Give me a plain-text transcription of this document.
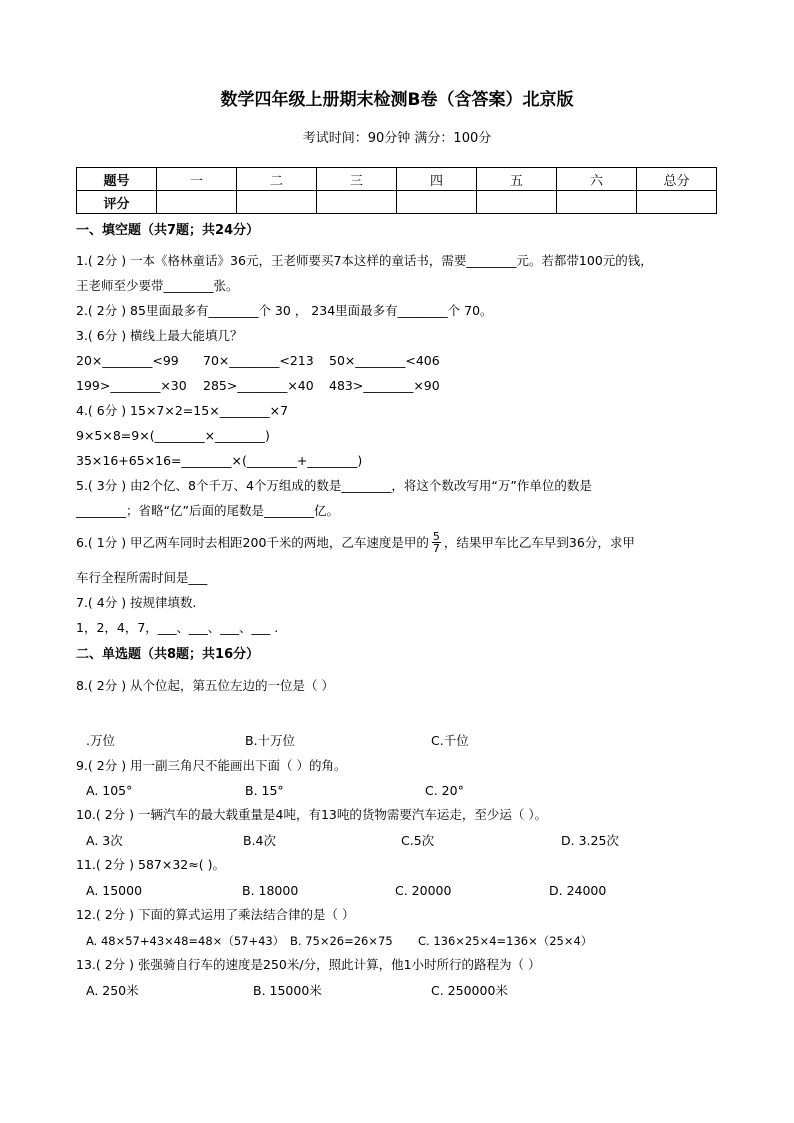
数学四年级上册期末检测B卷（含答案）北京版
考试时间：90分钟 满分：100分
题号	一	二	三	四	五	六	总分
评分							
一、填空题（共7题；共24分）
1.( 2分 ) 一本《格林童话》36元，王老师要买7本这样的童话书，需要________元。若都带100元的钱，
王老师至少要带________张。
2.( 2分 ) 85里面最多有________个 30 ， 234里面最多有________个 70。
3.( 6分 ) 横线上最大能填几？
20×________<99 70×________<213 50×________<406
199>________×30 285>________×40 483>________×90
4.( 6分 ) 15×7×2=15×________×7
9×5×8=9×(________×________)
35×16+65×16=________×(________+________)
5.( 3分 ) 由2个亿、8个千万、4个万组成的数是________，将这个数改写用“万”作单位的数是
________；省略“亿”后面的尾数是________亿。
6.( 1分 ) 甲乙两车同时去相距200千米的两地，乙车速度是甲的 $\frac{5}{7}$ ，结果甲车比乙车早到36分，求甲
车行全程所需时间是___
7.( 4分 ) 按规律填数.
1，2，4，7，___、___、___、___ .
二、单选题（共8题；共16分）
8.( 2分 ) 从个位起，第五位左边的一位是（ ）
.万位	B.十万位	C.千位
9.( 2分 ) 用一副三角尺不能画出下面（ ）的角。
A. 105°	B. 15°	C. 20°
10.( 2分 ) 一辆汽车的最大载重量是4吨，有13吨的货物需要汽车运走，至少运（ ）。
A. 3次	B.4次	C.5次	D. 3.25次
11.( 2分 ) 587×32≈( )。
A. 15000	B. 18000	C. 20000	D. 24000
12.( 2分 ) 下面的算式运用了乘法结合律的是（ ）
A. 48×57+43×48=48×（57+43） B. 75×26=26×75 C. 136×25×4=136×（25×4）
13.( 2分 ) 张强骑自行车的速度是250米/分，照此计算，他1小时所行的路程为（ ）
A. 250米	B. 15000米	C. 250000米
